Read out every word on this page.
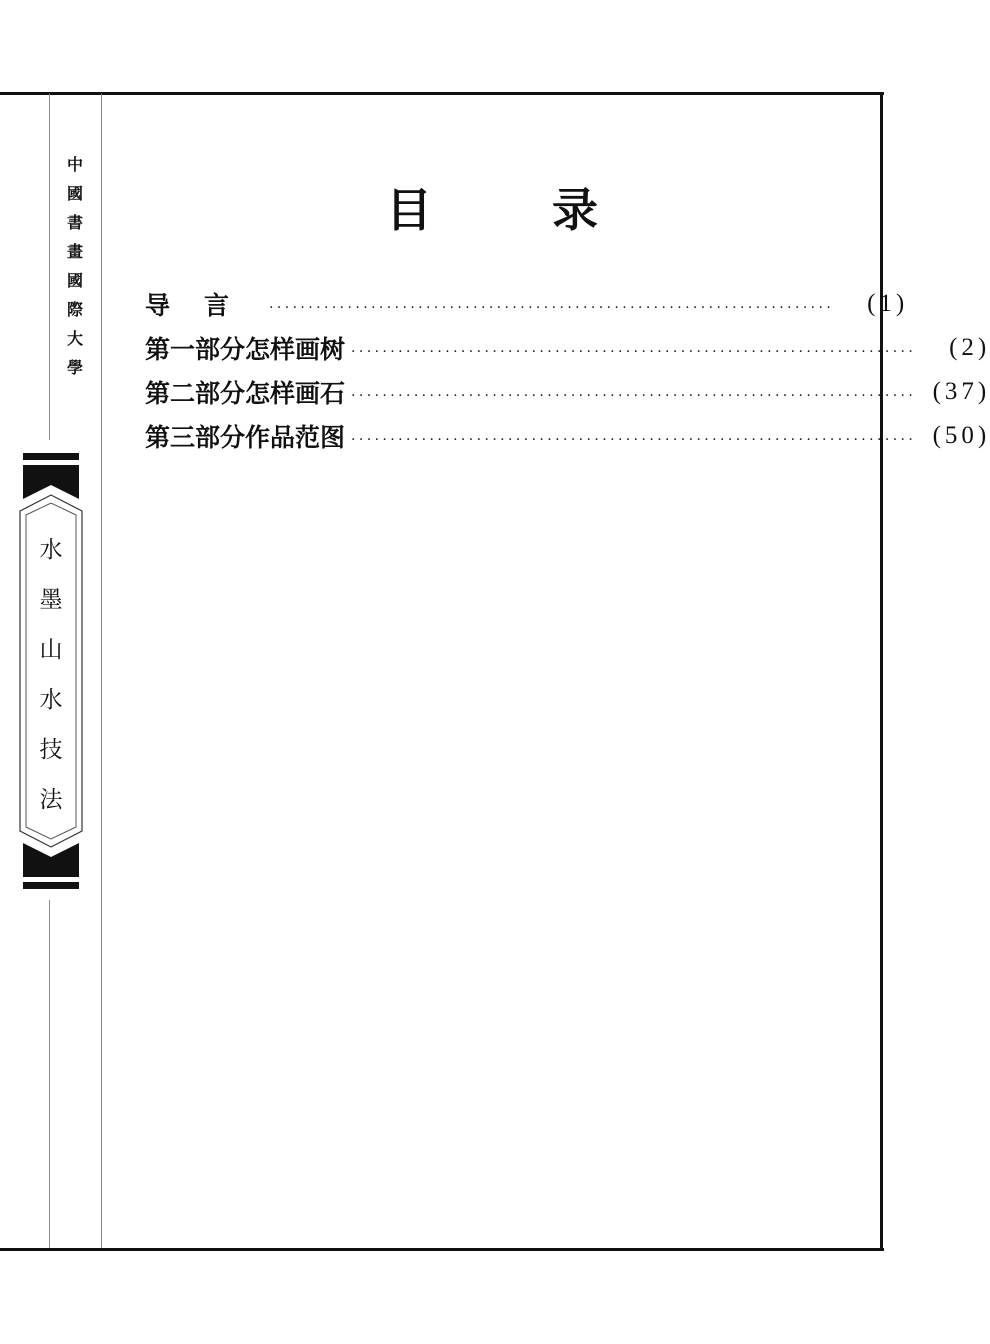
中
國
書
畫
國
際
大
學
水
墨
山
水
技
法
目	录
导言 ········································································	(1)
第一部分 怎样画树 ········································································	(2)
第二部分 怎样画石 ········································································ (37)
第三部分 作品范图 ········································································ (50)
